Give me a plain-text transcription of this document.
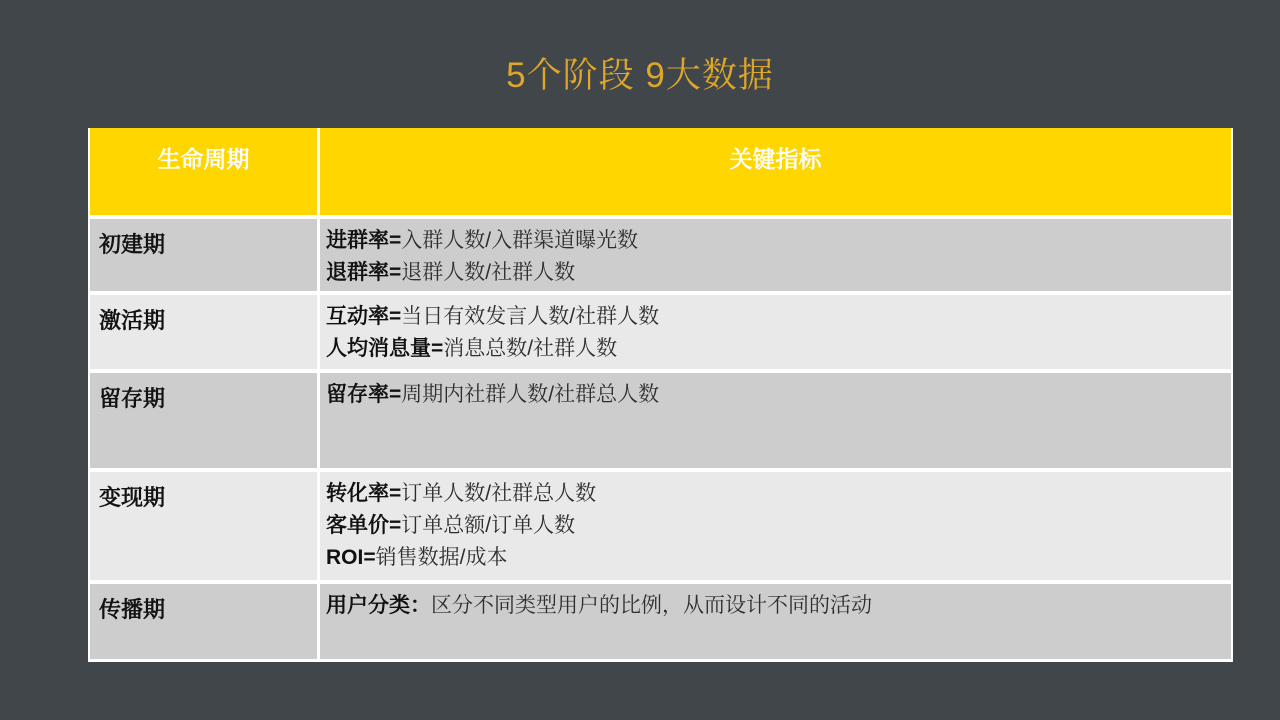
5个阶段 9大数据
生命周期	关键指标
初建期	进群率=入群人数/入群渠道曝光数
退群率=退群人数/社群人数
激活期	互动率=当日有效发言人数/社群人数
人均消息量=消息总数/社群人数
留存期	留存率=周期内社群人数/社群总人数
变现期	转化率=订单人数/社群总人数
客单价=订单总额/订单人数
ROI=销售数据/成本
传播期	用户分类：区分不同类型用户的比例，从而设计不同的活动
